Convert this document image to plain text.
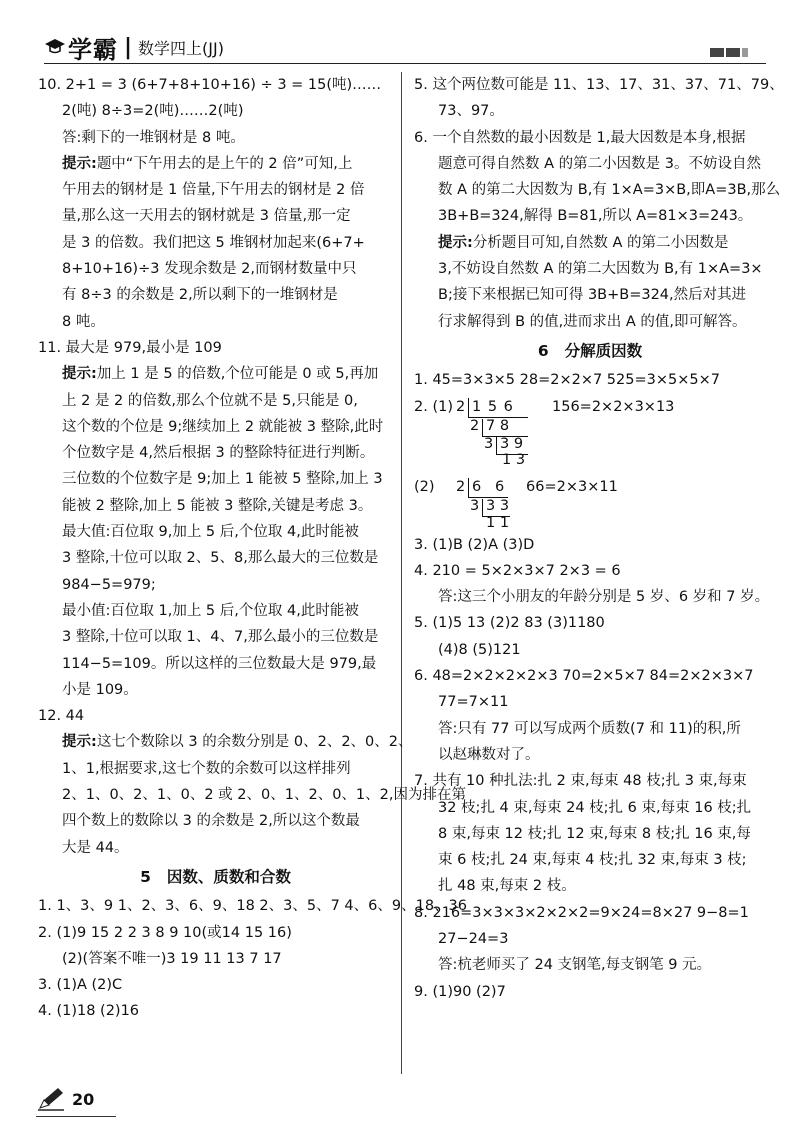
学霸 | 数学四上(JJ)

10. 2+1 = 3 (6+7+8+10+16) ÷ 3 = 15(吨)……

2(吨) 8÷3=2(吨)……2(吨)

答:剩下的一堆钢材是 8 吨。

提示:题中“下午用去的是上午的 2 倍”可知,上

午用去的钢材是 1 倍量,下午用去的钢材是 2 倍

量,那么这一天用去的钢材就是 3 倍量,那一定

是 3 的倍数。我们把这 5 堆钢材加起来(6+7+

8+10+16)÷3 发现余数是 2,而钢材数量中只

有 8÷3 的余数是 2,所以剩下的一堆钢材是

8 吨。

11. 最大是 979,最小是 109

提示:加上 1 是 5 的倍数,个位可能是 0 或 5,再加

上 2 是 2 的倍数,那么个位就不是 5,只能是 0,

这个数的个位是 9;继续加上 2 就能被 3 整除,此时

个位数字是 4,然后根据 3 的整除特征进行判断。

三位数的个位数字是 9;加上 1 能被 5 整除,加上 3

能被 2 整除,加上 5 能被 3 整除,关键是考虑 3。

最大值:百位取 9,加上 5 后,个位取 4,此时能被

3 整除,十位可以取 2、5、8,那么最大的三位数是

984−5=979;

最小值:百位取 1,加上 5 后,个位取 4,此时能被

3 整除,十位可以取 1、4、7,那么最小的三位数是

114−5=109。所以这样的三位数最大是 979,最

小是 109。

12. 44

提示:这七个数除以 3 的余数分别是 0、2、2、0、2、

1、1,根据要求,这七个数的余数可以这样排列

2、1、0、2、1、0、2 或 2、0、1、2、0、1、2,因为排在第

四个数上的数除以 3 的余数是 2,所以这个数最

大是 44。

5 因数、质数和合数

1. 1、3、9 1、2、3、6、9、18 2、3、5、7 4、6、9、18、36

2. (1)9 15 2 2 3 8 9 10(或14 15 16)

(2)(答案不唯一)3 19 11 13 7 17

3. (1)A (2)C

4. (1)18 (2)16

5. 这个两位数可能是 11、13、17、31、37、71、79、

73、97。

6. 一个自然数的最小因数是 1,最大因数是本身,根据

题意可得自然数 A 的第二小因数是 3。不妨设自然

数 A 的第二大因数为 B,有 1×A=3×B,即A=3B,那么

3B+B=324,解得 B=81,所以 A=81×3=243。

提示:分析题目可知,自然数 A 的第二小因数是

3,不妨设自然数 A 的第二大因数为 B,有 1×A=3×

B;接下来根据已知可得 3B+B=324,然后对其进

行求解得到 B 的值,进而求出 A 的值,即可解答。

6 分解质因数

1. 45=3×3×5 28=2×2×7 525=3×5×5×7

2. (1) 2 1 5 6	156=2×2×3×13
2 7 8
3 3 9
1 3
(2) 2 6   6 66=2×3×11
3 3 3
1 1

3. (1)B (2)A (3)D

4. 210 = 5×2×3×7 2×3 = 6

答:这三个小朋友的年龄分别是 5 岁、6 岁和 7 岁。

5. (1)5 13 (2)2 83 (3)1180

(4)8 (5)121

6. 48=2×2×2×2×3 70=2×5×7 84=2×2×3×7

77=7×11

答:只有 77 可以写成两个质数(7 和 11)的积,所

以赵琳数对了。

7. 共有 10 种扎法:扎 2 束,每束 48 枝;扎 3 束,每束

32 枝;扎 4 束,每束 24 枝;扎 6 束,每束 16 枝;扎

8 束,每束 12 枝;扎 12 束,每束 8 枝;扎 16 束,每

束 6 枝;扎 24 束,每束 4 枝;扎 32 束,每束 3 枝;

扎 48 束,每束 2 枝。

8. 216=3×3×3×2×2×2=9×24=8×27 9−8=1

27−24=3

答:杭老师买了 24 支钢笔,每支钢笔 9 元。

9. (1)90 (2)7

20
